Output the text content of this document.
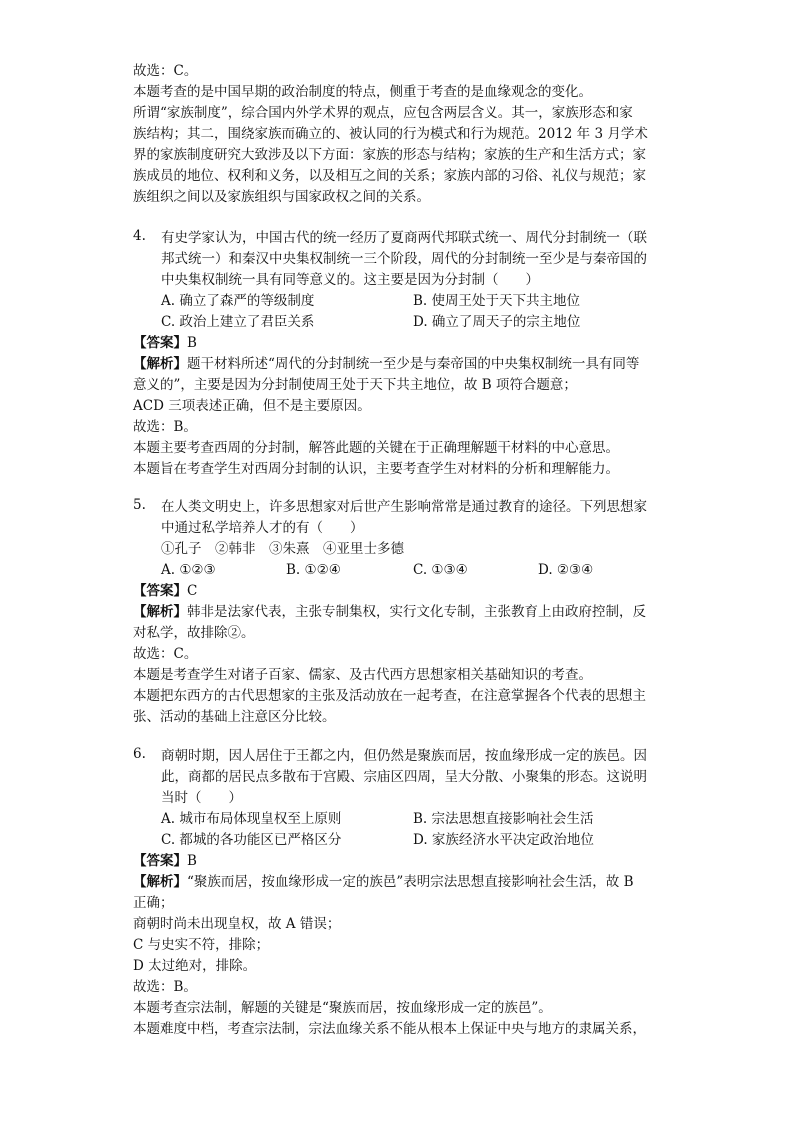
故选：C。
本题考查的是中国早期的政治制度的特点，侧重于考查的是血缘观念的变化。
所谓“家族制度”，综合国内外学术界的观点，应包含两层含义。其一，家族形态和家
族结构；其二，围绕家族而确立的、被认同的行为模式和行为规范。2012 年 3 月学术
界的家族制度研究大致涉及以下方面：家族的形态与结构；家族的生产和生活方式；家
族成员的地位、权利和义务，以及相互之间的关系；家族内部的习俗、礼仪与规范；家
族组织之间以及家族组织与国家政权之间的关系。
4. 有史学家认为，中国古代的统一经历了夏商两代邦联式统一、周代分封制统一（联
邦式统一）和秦汉中央集权制统一三个阶段，周代的分封制统一至少是与秦帝国的
中央集权制统一具有同等意义的。这主要是因为分封制（　　）
A. 确立了森严的等级制度	B. 使周王处于天下共主地位
C. 政治上建立了君臣关系	D. 确立了周天子的宗主地位
【答案】B
【解析】题干材料所述“周代的分封制统一至少是与秦帝国的中央集权制统一具有同等
意义的”，主要是因为分封制使周王处于天下共主地位，故 B 项符合题意；
ACD 三项表述正确，但不是主要原因。
故选：B。
本题主要考查西周的分封制，解答此题的关键在于正确理解题干材料的中心意思。
本题旨在考查学生对西周分封制的认识，主要考查学生对材料的分析和理解能力。
5. 在人类文明史上，许多思想家对后世产生影响常常是通过教育的途径。下列思想家
中通过私学培养人才的有（　　）
①孔子　②韩非　③朱熹　④亚里士多德
A. ①②③	B. ①②④	C. ①③④	D. ②③④
【答案】C
【解析】韩非是法家代表，主张专制集权，实行文化专制，主张教育上由政府控制，反
对私学，故排除②。
故选：C。
本题是考查学生对诸子百家、儒家、及古代西方思想家相关基础知识的考查。
本题把东西方的古代思想家的主张及活动放在一起考查，在注意掌握各个代表的思想主
张、活动的基础上注意区分比较。
6. 商朝时期，因人居住于王都之内，但仍然是聚族而居，按血缘形成一定的族邑。因
此，商都的居民点多散布于宫殿、宗庙区四周，呈大分散、小聚集的形态。这说明
当时（　　）
A. 城市布局体现皇权至上原则	B. 宗法思想直接影响社会生活
C. 都城的各功能区已严格区分	D. 家族经济水平决定政治地位
【答案】B
【解析】“聚族而居，按血缘形成一定的族邑”表明宗法思想直接影响社会生活，故 B
正确；
商朝时尚未出现皇权，故 A 错误；
C 与史实不符，排除；
D 太过绝对，排除。
故选：B。
本题考查宗法制，解题的关键是“聚族而居，按血缘形成一定的族邑”。
本题难度中档，考查宗法制，宗法血缘关系不能从根本上保证中央与地方的隶属关系，
